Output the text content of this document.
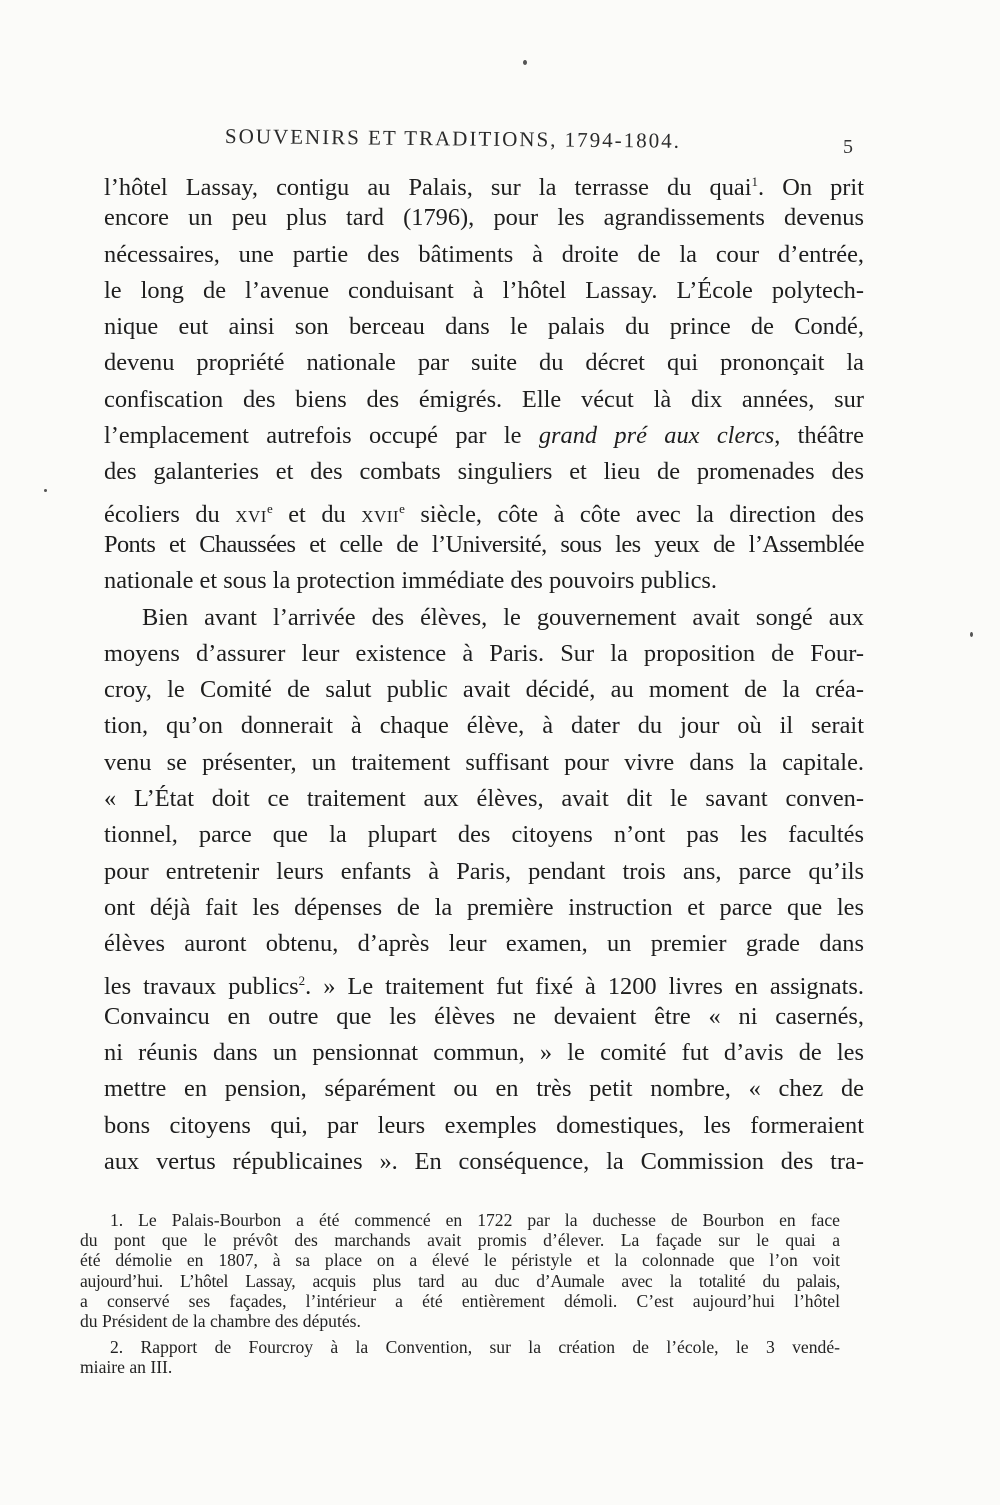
SOUVENIRS ET TRADITIONS, 1794-1804.	5
l’hôtel Lassay, contigu au Palais, sur la terrasse du quai$^1$. On prit
encore un peu plus tard (1796), pour les agrandissements devenus
nécessaires, une partie des bâtiments à droite de la cour d’entrée,
le long de l’avenue conduisant à l’hôtel Lassay. L’École polytech-
nique eut ainsi son berceau dans le palais du prince de Condé,
devenu propriété nationale par suite du décret qui prononçait la
confiscation des biens des émigrés. Elle vécut là dix années, sur
l’emplacement autrefois occupé par le grand pré aux clercs, théâtre
des galanteries et des combats singuliers et lieu de promenades des
écoliers du XVIe et du XVIIe siècle, côte à côte avec la direction des
Ponts et Chaussées et celle de l’Université, sous les yeux de l’Assemblée
nationale et sous la protection immédiate des pouvoirs publics.
Bien avant l’arrivée des élèves, le gouvernement avait songé aux
moyens d’assurer leur existence à Paris. Sur la proposition de Four-
croy, le Comité de salut public avait décidé, au moment de la créa-
tion, qu’on donnerait à chaque élève, à dater du jour où il serait
venu se présenter, un traitement suffisant pour vivre dans la capitale.
« L’État doit ce traitement aux élèves, avait dit le savant conven-
tionnel, parce que la plupart des citoyens n’ont pas les facultés
pour entretenir leurs enfants à Paris, pendant trois ans, parce qu’ils
ont déjà fait les dépenses de la première instruction et parce que les
élèves auront obtenu, d’après leur examen, un premier grade dans
les travaux publics$^2$. » Le traitement fut fixé à 1200 livres en assignats.
Convaincu en outre que les élèves ne devaient être « ni casernés,
ni réunis dans un pensionnat commun, » le comité fut d’avis de les
mettre en pension, séparément ou en très petit nombre, « chez de
bons citoyens qui, par leurs exemples domestiques, les formeraient
aux vertus républicaines ». En conséquence, la Commission des tra-
1. Le Palais-Bourbon a été commencé en 1722 par la duchesse de Bourbon en face
du pont que le prévôt des marchands avait promis d’élever. La façade sur le quai a
été démolie en 1807, à sa place on a élevé le péristyle et la colonnade que l’on voit
aujourd’hui. L’hôtel Lassay, acquis plus tard au duc d’Aumale avec la totalité du palais,
a conservé ses façades, l’intérieur a été entièrement démoli. C’est aujourd’hui l’hôtel
du Président de la chambre des députés.
2. Rapport de Fourcroy à la Convention, sur la création de l’école, le 3 vendé-
miaire an III.
